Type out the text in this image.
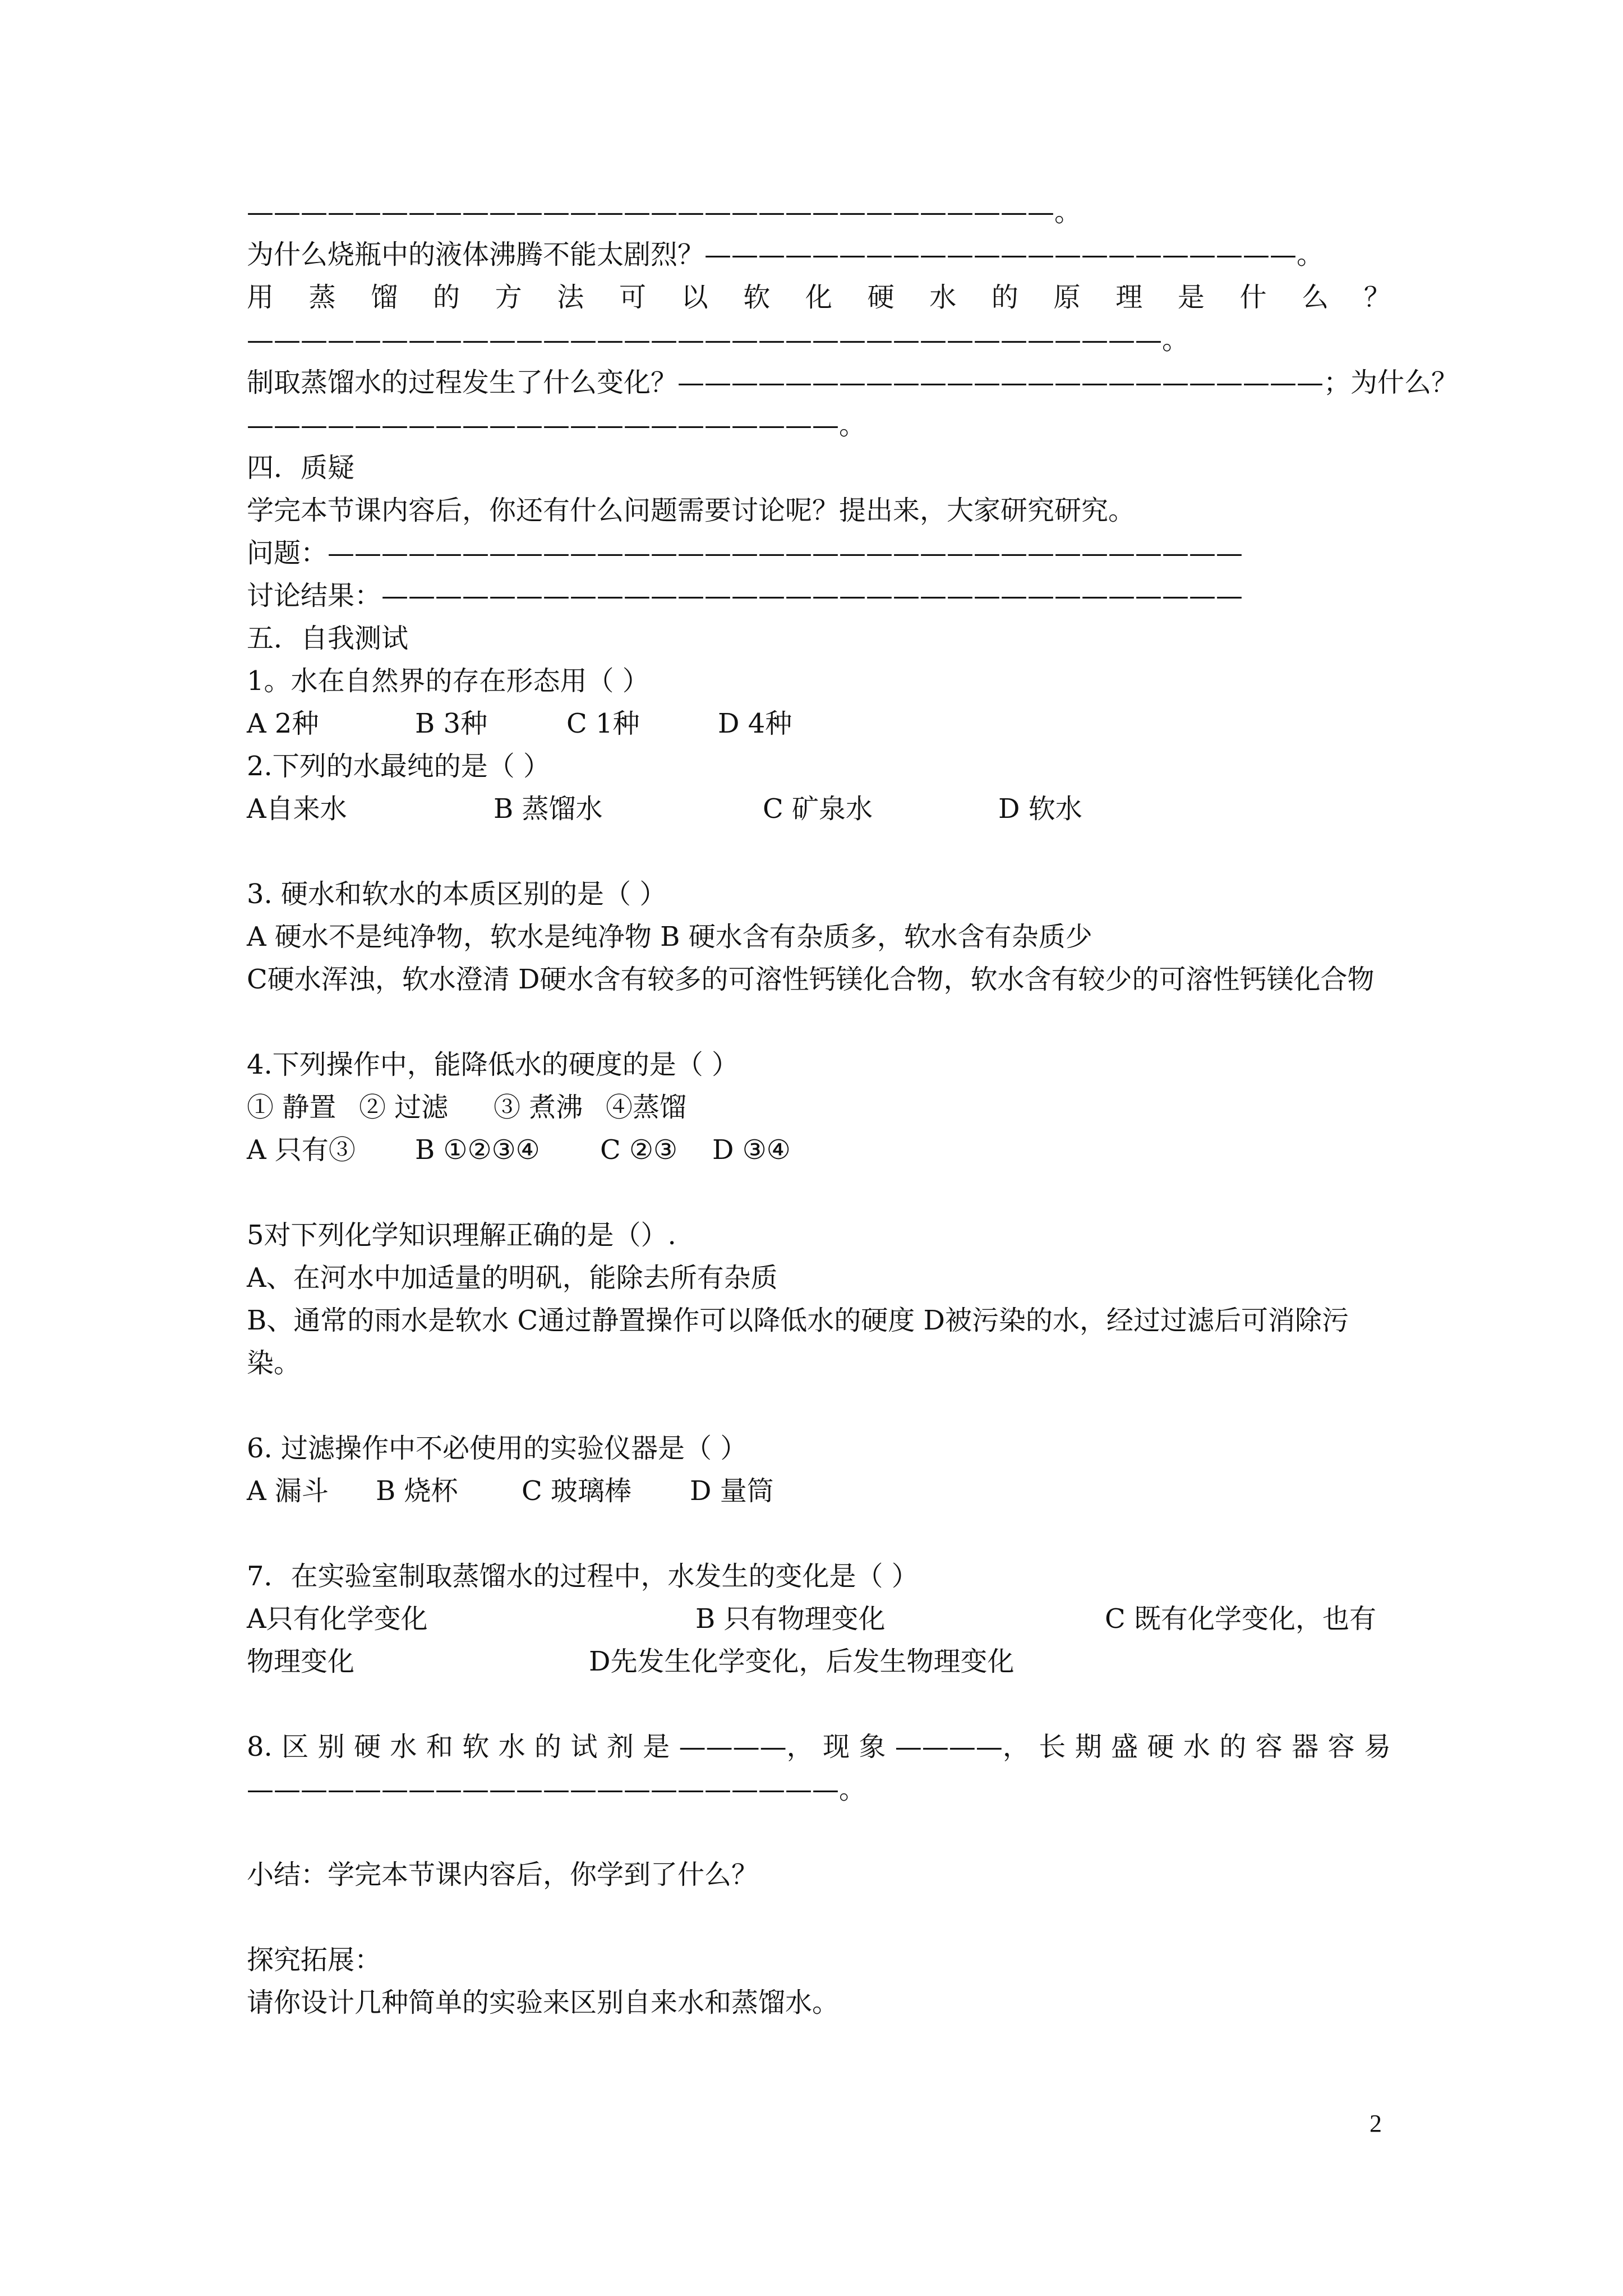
——————————————————————————————。

为什么烧瓶中的液体沸腾不能太剧烈？——————————————————————。

用 蒸 馏 的 方 法 可 以 软 化 硬 水 的 原 理 是 什 么 ？

——————————————————————————————————。

制取蒸馏水的过程发生了什么变化？————————————————————————；为什么？

——————————————————————。

四．质疑

学完本节课内容后，你还有什么问题需要讨论呢？提出来，大家研究研究。

问题：——————————————————————————————————

讨论结果：————————————————————————————————

五．自我测试

1。水在自然界的存在形态用（ ）

A 2种	B 3种	C 1种	D 4种

2.下列的水最纯的是（ ）

A自来水	B 蒸馏水	C 矿泉水	D 软水

3. 硬水和软水的本质区别的是（ ）

A 硬水不是纯净物，软水是纯净物 B 硬水含有杂质多，软水含有杂质少

C硬水浑浊，软水澄清 D硬水含有较多的可溶性钙镁化合物，软水含有较少的可溶性钙镁化合物

4.下列操作中，能降低水的硬度的是（ ）

① 静置 ② 过滤	③ 煮沸 ④蒸馏
A 只有③	B ①②③④	C ②③	D ③④

5对下列化学知识理解正确的是（）.

A、在河水中加适量的明矾，能除去所有杂质

B、通常的雨水是软水 C通过静置操作可以降低水的硬度 D被污染的水，经过过滤后可消除污染。

6. 过滤操作中不必使用的实验仪器是（ ）

A 漏斗	B 烧杯	C 玻璃棒	D 量筒

7．在实验室制取蒸馏水的过程中，水发生的变化是（ ）

A只有化学变化	B 只有物理变化	C 既有化学变化，也有
物理变化	D先发生化学变化，后发生物理变化
8. 区 别 硬 水 和 软 水 的 试 剂 是 ————， 现 象 ————， 长 期 盛 硬 水 的 容 器 容 易

——————————————————————。

小结：学完本节课内容后，你学到了什么？

探究拓展：

请你设计几种简单的实验来区别自来水和蒸馏水。

2
